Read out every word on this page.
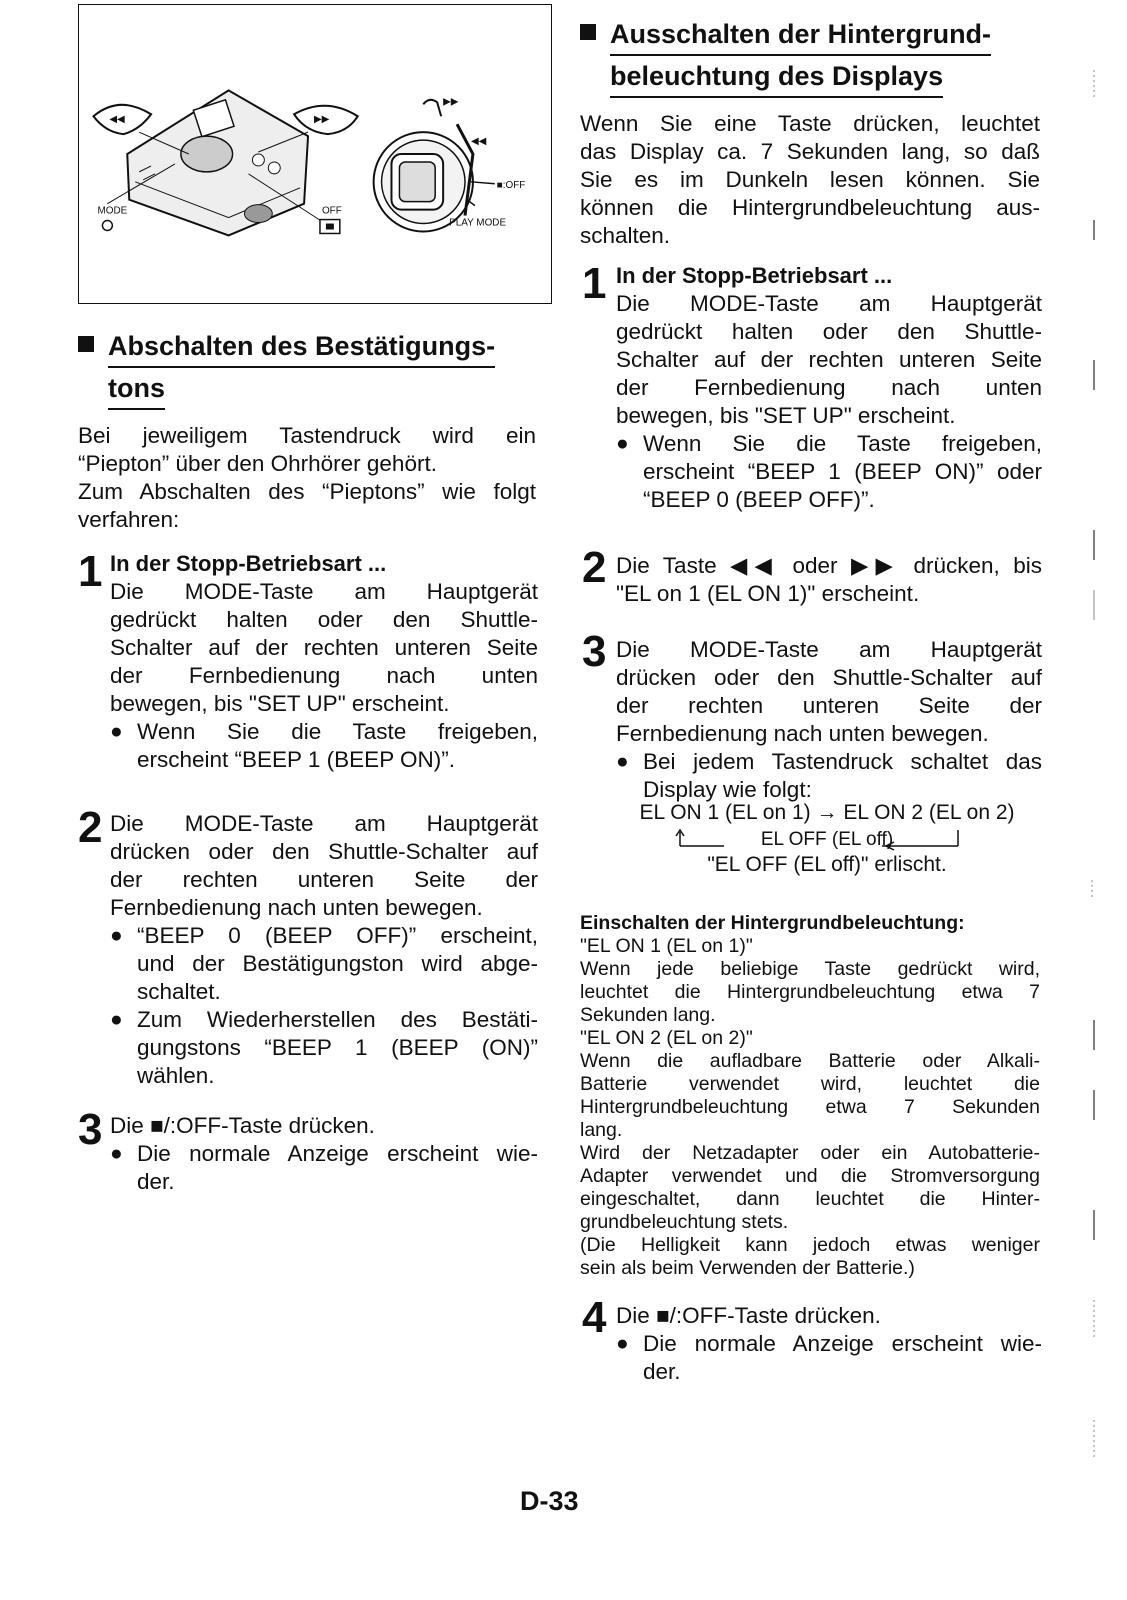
◀◀	▶▶
MODE	OFF
▶▶
◀◀
■:OFF
PLAY MODE
Abschalten des Bestätigungs-
tons
Bei jeweiligem Tastendruck wird ein
“Piepton” über den Ohrhörer gehört.
Zum Abschalten des “Pieptons” wie folgt
verfahren:
1 In der Stopp-Betriebsart ...
Die MODE-Taste am Hauptgerät
gedrückt halten oder den Shuttle-
Schalter auf der rechten unteren Seite
der Fernbedienung nach unten
bewegen, bis "SET UP" erscheint.
● Wenn Sie die Taste freigeben,
erscheint “BEEP 1 (BEEP ON)”.
2 Die MODE-Taste am Hauptgerät
drücken oder den Shuttle-Schalter auf
der rechten unteren Seite der
Fernbedienung nach unten bewegen.
● “BEEP 0 (BEEP OFF)” erscheint,
und der Bestätigungston wird abge-
schaltet.
● Zum Wiederherstellen des Bestäti-
gungstons “BEEP 1 (BEEP (ON)”
wählen.
3 Die ■/:OFF-Taste drücken.
● Die normale Anzeige erscheint wie-
der.
Ausschalten der Hintergrund-
beleuchtung des Displays
Wenn Sie eine Taste drücken, leuchtet
das Display ca. 7 Sekunden lang, so daß
Sie es im Dunkeln lesen können. Sie
können die Hintergrundbeleuchtung aus-
schalten.
1 In der Stopp-Betriebsart ...
Die MODE-Taste am Hauptgerät
gedrückt halten oder den Shuttle-
Schalter auf der rechten unteren Seite
der Fernbedienung nach unten
bewegen, bis "SET UP" erscheint.
● Wenn Sie die Taste freigeben,
erscheint “BEEP 1 (BEEP ON)” oder
“BEEP 0 (BEEP OFF)”.
2 Die Taste ◀◀ oder ▶▶ drücken, bis
"EL on 1 (EL ON 1)" erscheint.
3 Die MODE-Taste am Hauptgerät
drücken oder den Shuttle-Schalter auf
der rechten unteren Seite der
Fernbedienung nach unten bewegen.
● Bei jedem Tastendruck schaltet das
Display wie folgt:
EL ON 1 (EL on 1) → EL ON 2 (EL on 2)
EL OFF (EL off)
"EL OFF (EL off)" erlischt.
Einschalten der Hintergrundbeleuchtung:
"EL ON 1 (EL on 1)"
Wenn jede beliebige Taste gedrückt wird,
leuchtet die Hintergrundbeleuchtung etwa 7
Sekunden lang.
"EL ON 2 (EL on 2)"
Wenn die aufladbare Batterie oder Alkali-
Batterie verwendet wird, leuchtet die
Hintergrundbeleuchtung etwa 7 Sekunden
lang.
Wird der Netzadapter oder ein Autobatterie-
Adapter verwendet und die Stromversorgung
eingeschaltet, dann leuchtet die Hinter-
grundbeleuchtung stets.
(Die Helligkeit kann jedoch etwas weniger
sein als beim Verwenden der Batterie.)
4 Die ■/:OFF-Taste drücken.
● Die normale Anzeige erscheint wie-
der.
D-33
